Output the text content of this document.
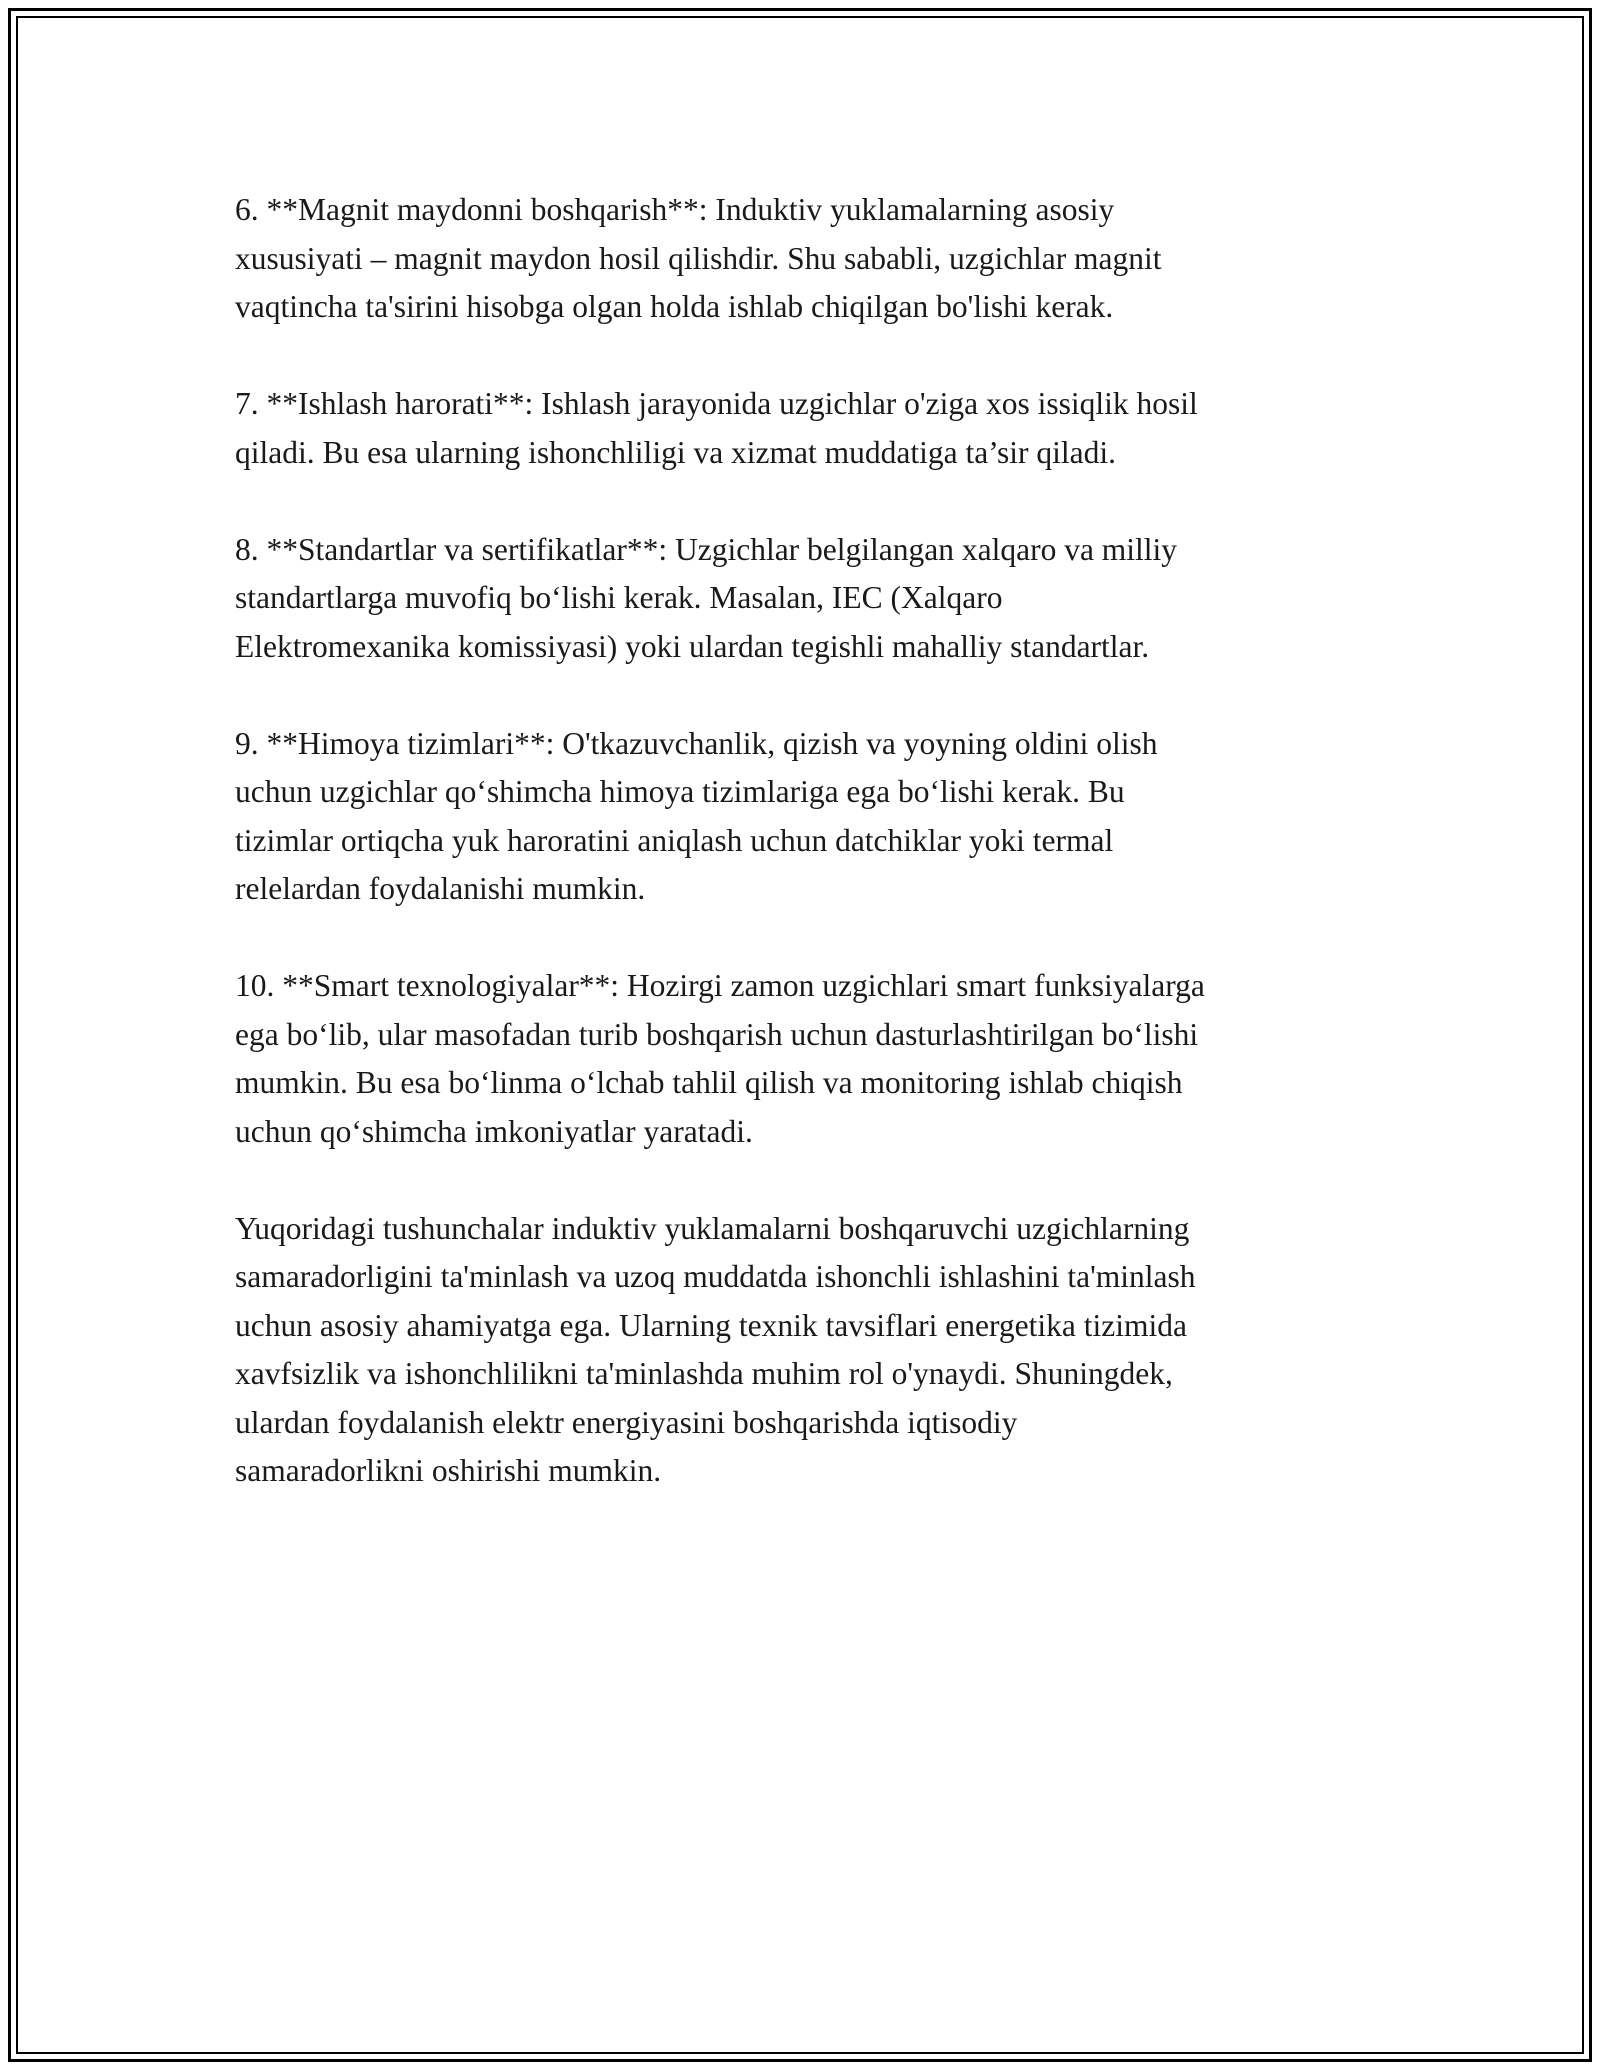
6. **Magnit maydonni boshqarish**: Induktiv yuklamalarning asosiy
xususiyati – magnit maydon hosil qilishdir. Shu sababli, uzgichlar magnit
vaqtincha ta'sirini hisobga olgan holda ishlab chiqilgan bo'lishi kerak.

7. **Ishlash harorati**: Ishlash jarayonida uzgichlar o'ziga xos issiqlik hosil
qiladi. Bu esa ularning ishonchliligi va xizmat muddatiga ta’sir qiladi.

8. **Standartlar va sertifikatlar**: Uzgichlar belgilangan xalqaro va milliy
standartlarga muvofiq boʻlishi kerak. Masalan, IEC (Xalqaro
Elektromexanika komissiyasi) yoki ulardan tegishli mahalliy standartlar.

9. **Himoya tizimlari**: O'tkazuvchanlik, qizish va yoyning oldini olish
uchun uzgichlar qoʻshimcha himoya tizimlariga ega boʻlishi kerak. Bu
tizimlar ortiqcha yuk haroratini aniqlash uchun datchiklar yoki termal
relelardan foydalanishi mumkin.

10. **Smart texnologiyalar**: Hozirgi zamon uzgichlari smart funksiyalarga
ega boʻlib, ular masofadan turib boshqarish uchun dasturlashtirilgan boʻlishi
mumkin. Bu esa boʻlinma oʻlchab tahlil qilish va monitoring ishlab chiqish
uchun qoʻshimcha imkoniyatlar yaratadi.

Yuqoridagi tushunchalar induktiv yuklamalarni boshqaruvchi uzgichlarning
samaradorligini ta'minlash va uzoq muddatda ishonchli ishlashini ta'minlash
uchun asosiy ahamiyatga ega. Ularning texnik tavsiflari energetika tizimida
xavfsizlik va ishonchlilikni ta'minlashda muhim rol o'ynaydi. Shuningdek,
ulardan foydalanish elektr energiyasini boshqarishda iqtisodiy
samaradorlikni oshirishi mumkin.
